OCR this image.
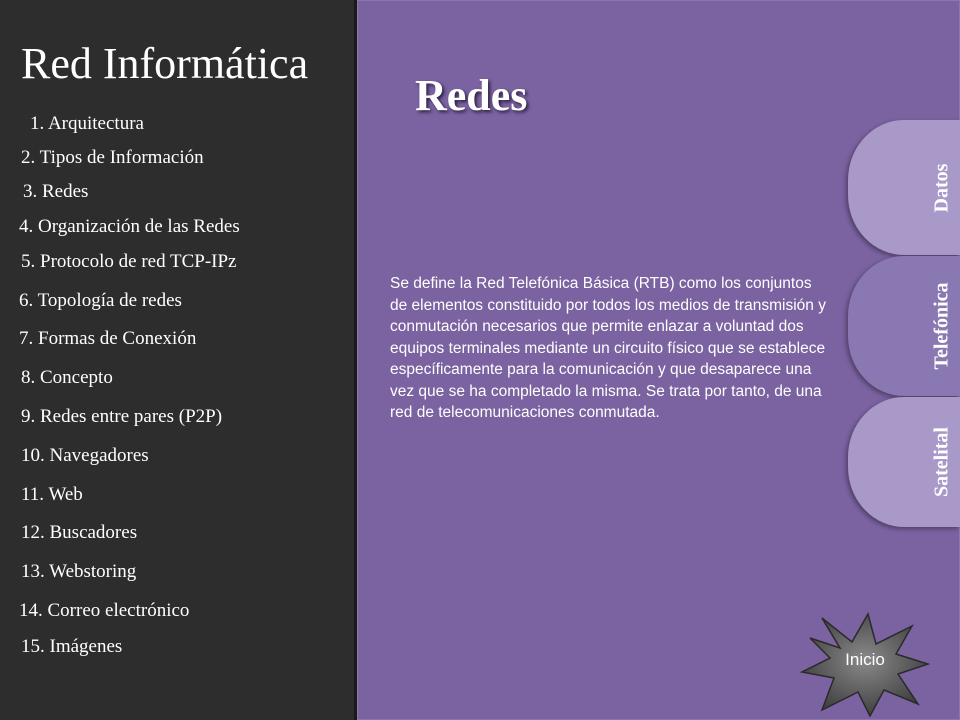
Red Informática
1. Arquitectura
2. Tipos de Información
3. Redes
4. Organización de las Redes
5. Protocolo de red TCP-IPz
6. Topología de redes
7. Formas de Conexión
8. Concepto
9. Redes entre pares (P2P)
10. Navegadores
11. Web
12. Buscadores
13. Webstoring
14. Correo electrónico
15. Imágenes
Redes
Se define la Red Telefónica Básica (RTB) como los conjuntos de elementos constituido por todos los medios de transmisión y conmutación necesarios que permite enlazar a voluntad dos equipos terminales mediante un circuito físico que se establece específicamente para la comunicación y que desaparece una vez que se ha completado la misma. Se trata por tanto, de una red de telecomunicaciones conmutada.
Datos
Telefónica
Satelital
Inicio
